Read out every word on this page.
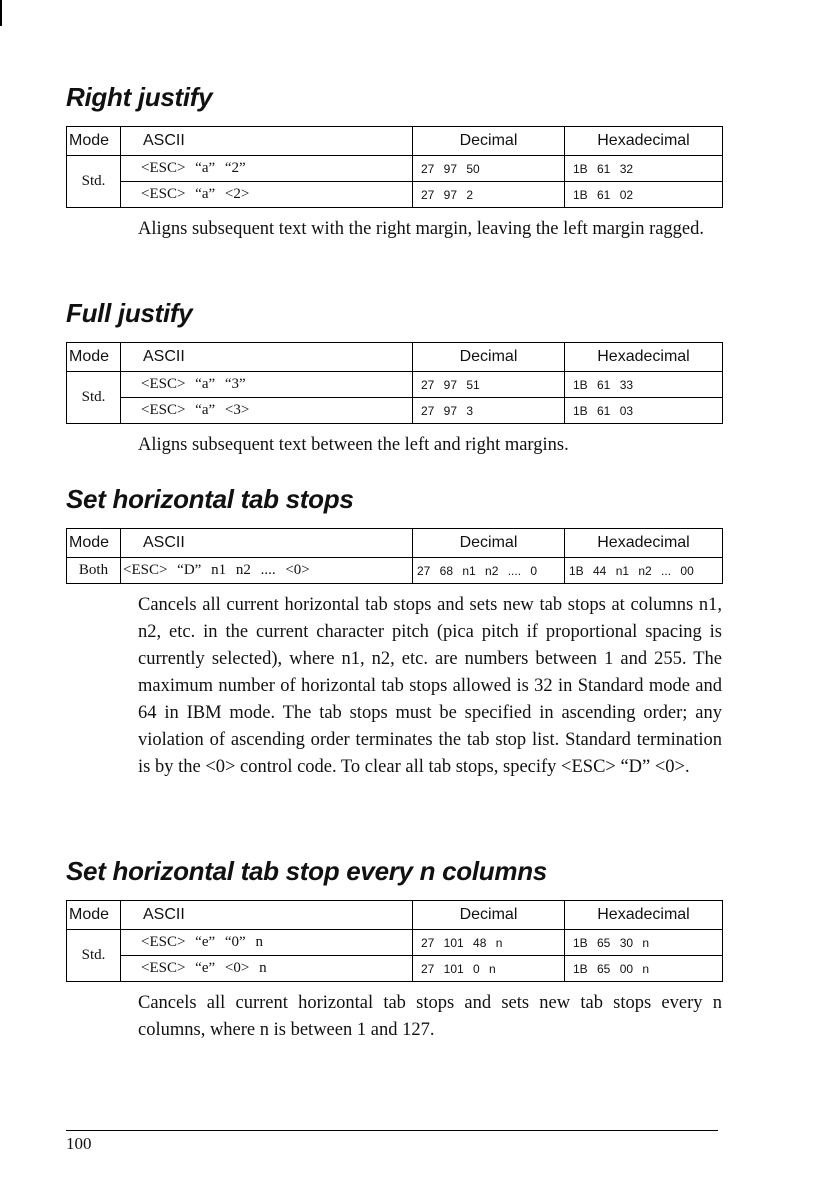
Right justify
Mode	ASCII	Decimal	Hexadecimal
Std.	<ESC> “a” “2”	27 97 50	1B 61 32
	<ESC> “a” <2>	27 97 2	1B 61 02

Aligns subsequent text with the right margin, leaving the left margin ragged.

Full justify
Mode	ASCII	Decimal	Hexadecimal
Std.	<ESC> “a” “3”	27 97 51	1B 61 33
	<ESC> “a” <3>	27 97 3	1B 61 03

Aligns subsequent text between the left and right margins.

Set horizontal tab stops
Mode	ASCII	Decimal	Hexadecimal
Both	<ESC> “D” n1 n2 .... <0>	27 68 n1 n2 .... 0	1B 44 n1 n2 ... 00

Cancels all current horizontal tab stops and sets new tab stops at columns n1, n2, etc. in the current character pitch (pica pitch if proportional spacing is currently selected), where n1, n2, etc. are numbers between 1 and 255. The maximum number of horizontal tab stops allowed is 32 in Standard mode and 64 in IBM mode. The tab stops must be specified in ascending order; any violation of ascending order terminates the tab stop list. Standard termination is by the <0> control code. To clear all tab stops, specify <ESC> “D” <0>.

Set horizontal tab stop every n columns
Mode	ASCII	Decimal	Hexadecimal
Std.	<ESC> “e” “0” n	27 101 48 n	1B 65 30 n
	<ESC> “e” <0> n	27 101 0 n	1B 65 00 n

Cancels all current horizontal tab stops and sets new tab stops every n columns, where n is between 1 and 127.

100
